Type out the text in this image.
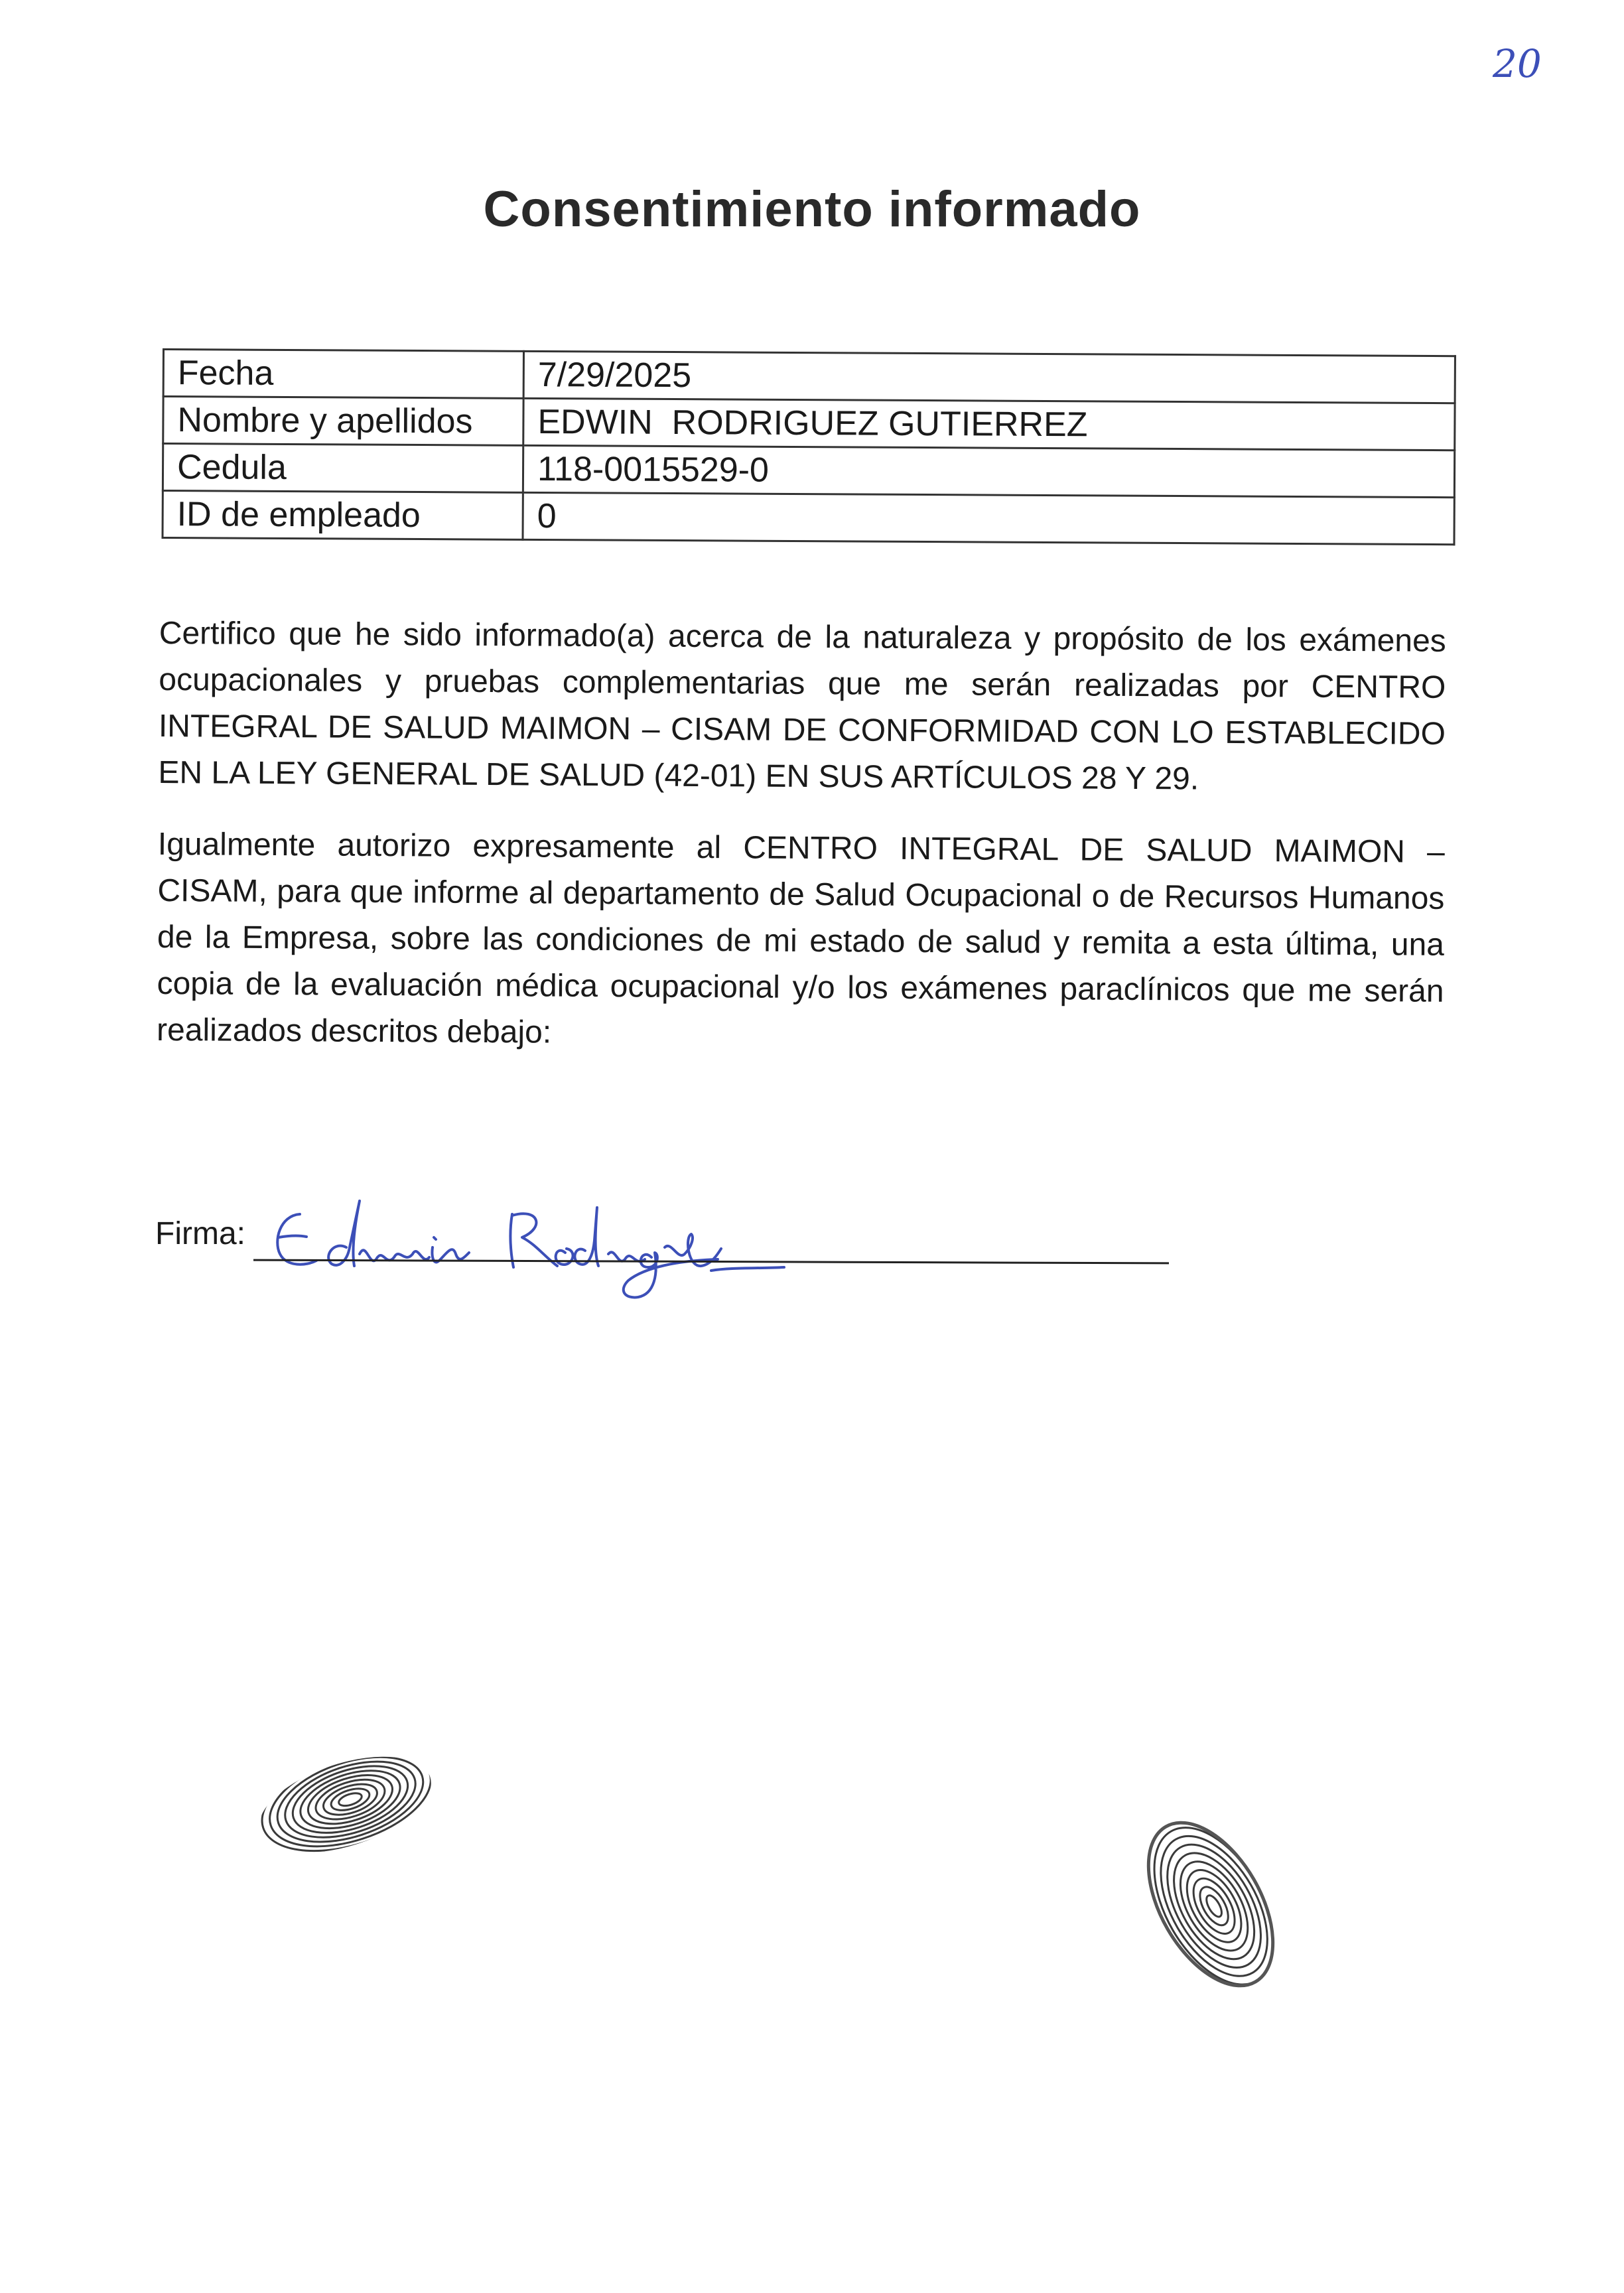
20
Consentimiento informado
Fecha	7/29/2025
Nombre y apellidos	EDWIN  RODRIGUEZ GUTIERREZ
Cedula	118-0015529-0
ID de empleado	0

Certifico que he sido informado(a) acerca de la naturaleza y propósito de los exámenes ocupacionales y pruebas complementarias que me serán realizadas por CENTRO INTEGRAL DE SALUD MAIMON – CISAM DE CONFORMIDAD CON LO ESTABLECIDO EN LA LEY GENERAL DE SALUD (42-01) EN SUS ARTÍCULOS 28 Y 29.

Igualmente autorizo expresamente al CENTRO INTEGRAL DE SALUD MAIMON – CISAM, para que informe al departamento de Salud Ocupacional o de Recursos Humanos de la Empresa, sobre las condiciones de mi estado de salud y remita a esta última, una copia de la evaluación médica ocupacional y/o los exámenes paraclínicos que me serán realizados descritos debajo:

Firma:
